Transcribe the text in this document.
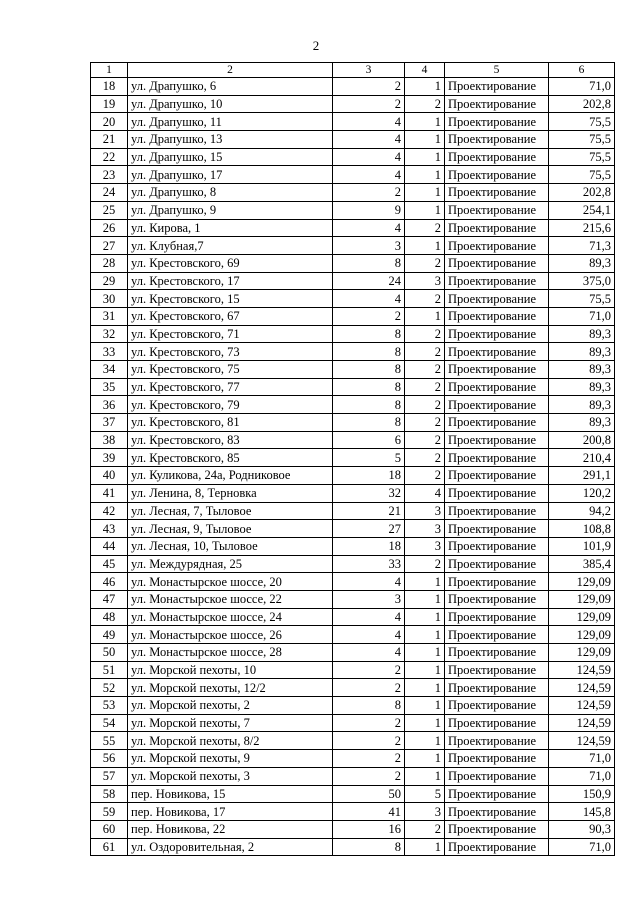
2
1	2	3	4	5	6
18	ул. Драпушко, 6	2	1	Проектирование	71,0
19	ул. Драпушко, 10	2	2	Проектирование	202,8
20	ул. Драпушко, 11	4	1	Проектирование	75,5
21	ул. Драпушко, 13	4	1	Проектирование	75,5
22	ул. Драпушко, 15	4	1	Проектирование	75,5
23	ул. Драпушко, 17	4	1	Проектирование	75,5
24	ул. Драпушко, 8	2	1	Проектирование	202,8
25	ул. Драпушко, 9	9	1	Проектирование	254,1
26	ул. Кирова, 1	4	2	Проектирование	215,6
27	ул. Клубная,7	3	1	Проектирование	71,3
28	ул. Крестовского, 69	8	2	Проектирование	89,3
29	ул. Крестовского, 17	24	3	Проектирование	375,0
30	ул. Крестовского, 15	4	2	Проектирование	75,5
31	ул. Крестовского, 67	2	1	Проектирование	71,0
32	ул. Крестовского, 71	8	2	Проектирование	89,3
33	ул. Крестовского, 73	8	2	Проектирование	89,3
34	ул. Крестовского, 75	8	2	Проектирование	89,3
35	ул. Крестовского, 77	8	2	Проектирование	89,3
36	ул. Крестовского, 79	8	2	Проектирование	89,3
37	ул. Крестовского, 81	8	2	Проектирование	89,3
38	ул. Крестовского, 83	6	2	Проектирование	200,8
39	ул. Крестовского, 85	5	2	Проектирование	210,4
40	ул. Куликова, 24а, Родниковое	18	2	Проектирование	291,1
41	ул. Ленина, 8, Терновка	32	4	Проектирование	120,2
42	ул. Лесная, 7, Тыловое	21	3	Проектирование	94,2
43	ул. Лесная, 9, Тыловое	27	3	Проектирование	108,8
44	ул. Лесная, 10, Тыловое	18	3	Проектирование	101,9
45	ул. Междурядная, 25	33	2	Проектирование	385,4
46	ул. Монастырское шоссе, 20	4	1	Проектирование	129,09
47	ул. Монастырское шоссе, 22	3	1	Проектирование	129,09
48	ул. Монастырское шоссе, 24	4	1	Проектирование	129,09
49	ул. Монастырское шоссе, 26	4	1	Проектирование	129,09
50	ул. Монастырское шоссе, 28	4	1	Проектирование	129,09
51	ул. Морской пехоты, 10	2	1	Проектирование	124,59
52	ул. Морской пехоты, 12/2	2	1	Проектирование	124,59
53	ул. Морской пехоты, 2	8	1	Проектирование	124,59
54	ул. Морской пехоты, 7	2	1	Проектирование	124,59
55	ул. Морской пехоты, 8/2	2	1	Проектирование	124,59
56	ул. Морской пехоты, 9	2	1	Проектирование	71,0
57	ул. Морской пехоты, 3	2	1	Проектирование	71,0
58	пер. Новикова, 15	50	5	Проектирование	150,9
59	пер. Новикова, 17	41	3	Проектирование	145,8
60	пер. Новикова, 22	16	2	Проектирование	90,3
61	ул. Оздоровительная, 2	8	1	Проектирование	71,0
